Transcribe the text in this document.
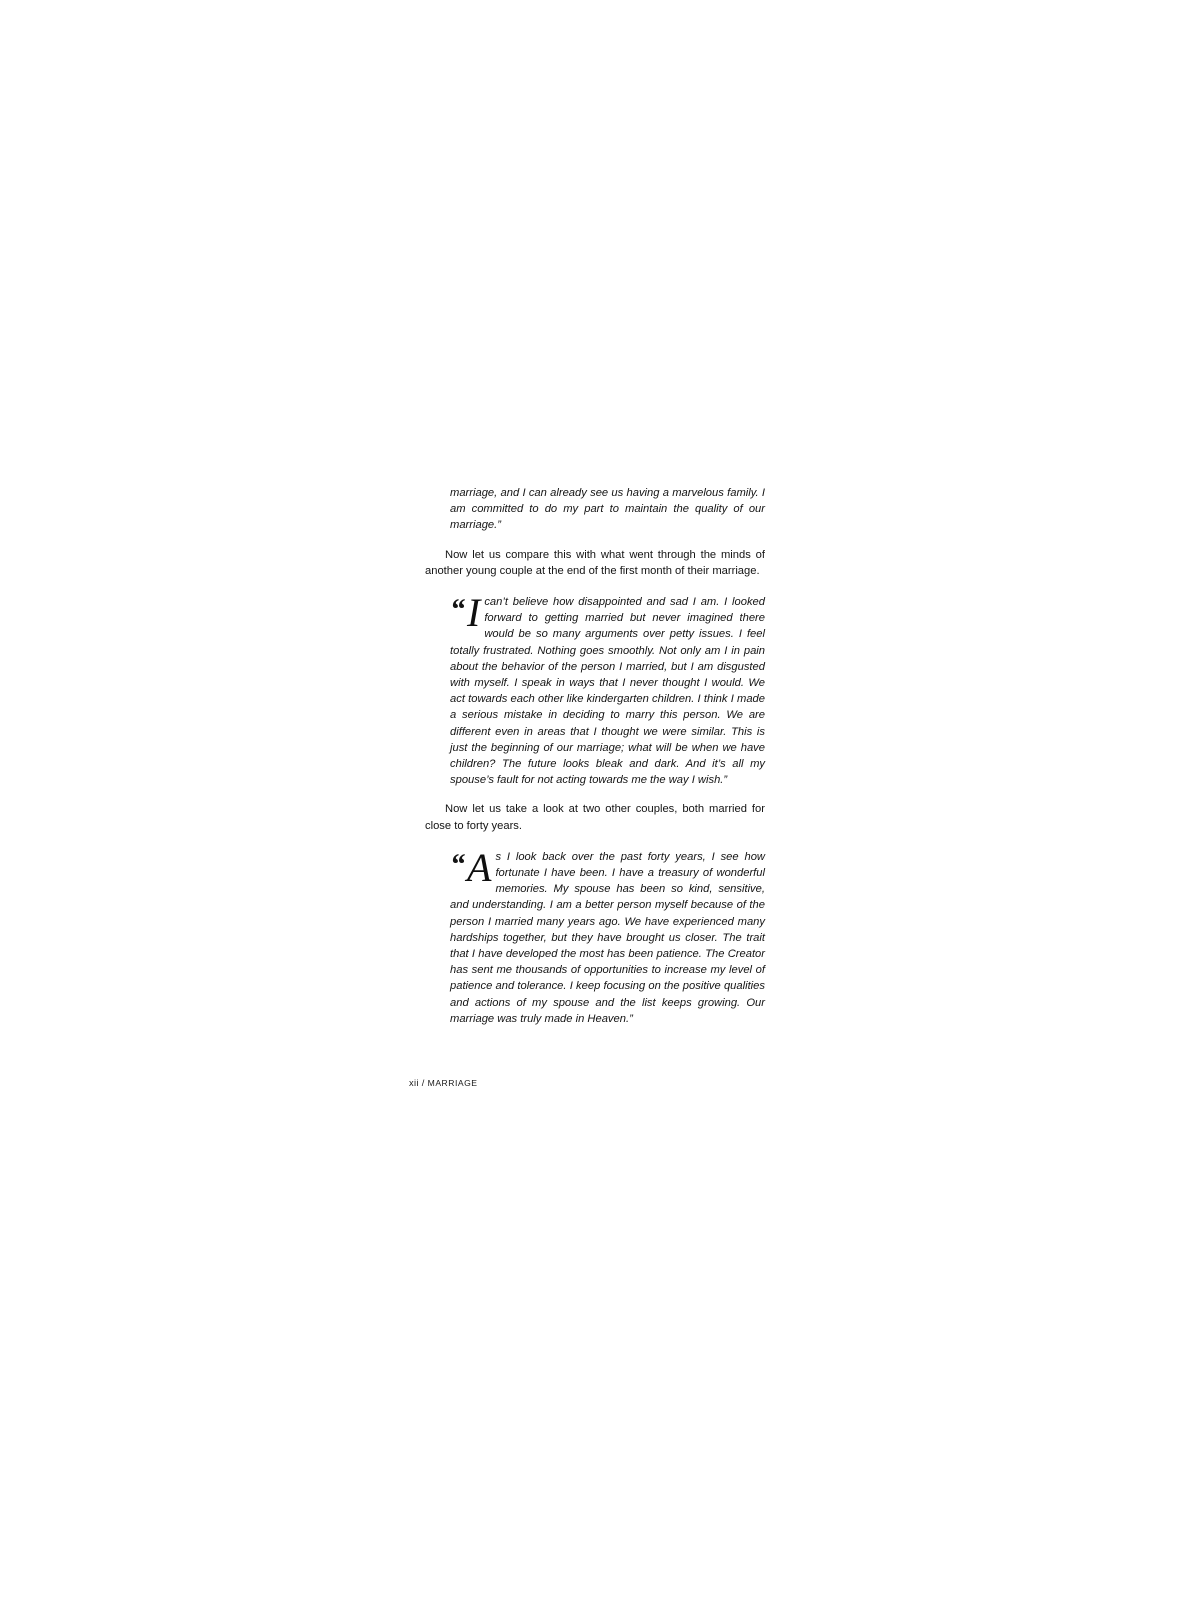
marriage, and I can already see us having a marvelous family. I am committed to do my part to maintain the quality of our marriage.”

Now let us compare this with what went through the minds of another young couple at the end of the first month of their marriage.

“ I can’t believe how disappointed and sad I am. I looked forward to getting married but never imagined there would be so many arguments over petty issues. I feel totally frustrated. Nothing goes smoothly. Not only am I in pain about the behavior of the person I married, but I am disgusted with myself. I speak in ways that I never thought I would. We act towards each other like kindergarten children. I think I made a serious mistake in deciding to marry this person. We are different even in areas that I thought we were similar. This is just the beginning of our marriage; what will be when we have children? The future looks bleak and dark. And it’s all my spouse’s fault for not acting towards me the way I wish.”

Now let us take a look at two other couples, both married for close to forty years.

“ A s I look back over the past forty years, I see how fortunate I have been. I have a treasury of wonderful memories. My spouse has been so kind, sensitive, and understanding. I am a better person myself because of the person I married many years ago. We have experienced many hardships together, but they have brought us closer. The trait that I have developed the most has been patience. The Creator has sent me thousands of opportunities to increase my level of patience and tolerance. I keep focusing on the positive qualities and actions of my spouse and the list keeps growing. Our marriage was truly made in Heaven.”

xii / MARRIAGE
